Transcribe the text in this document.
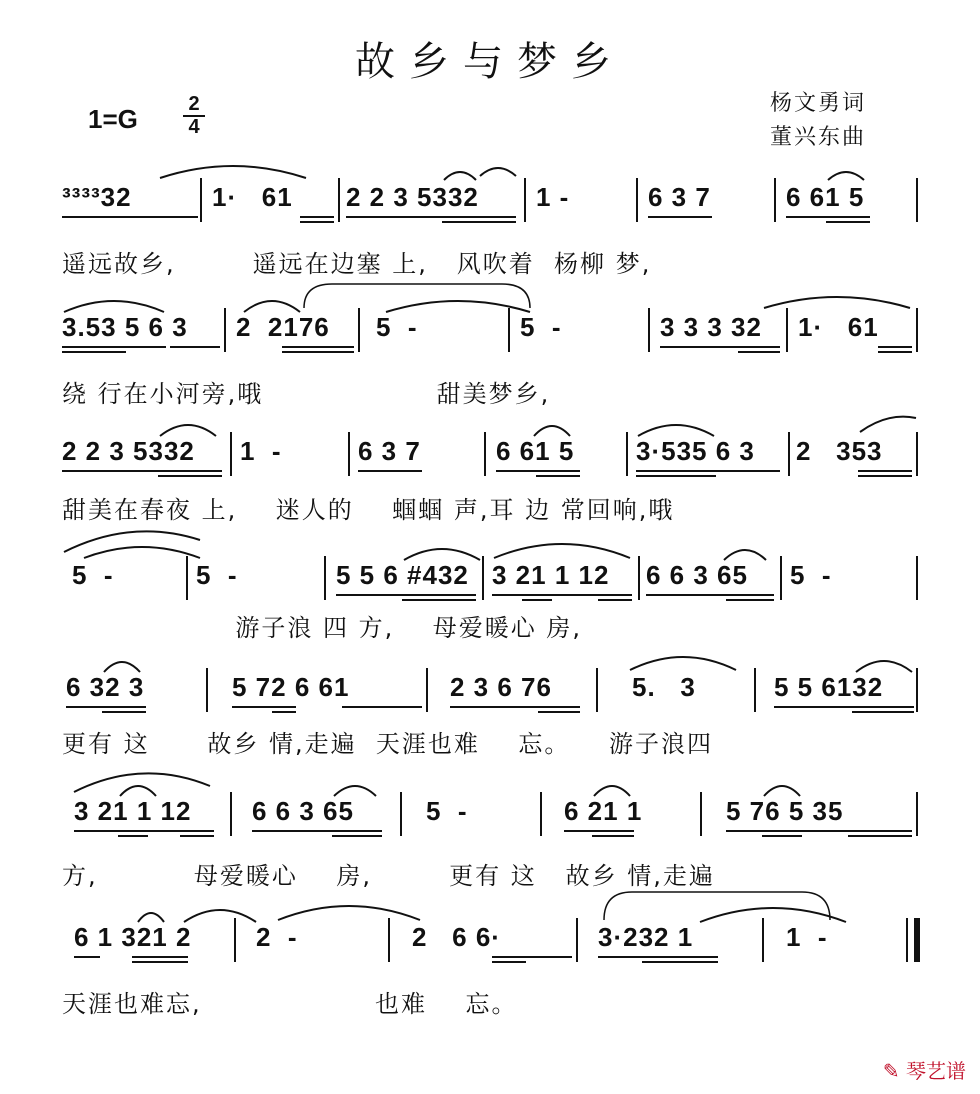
故乡与梦乡
1=G	2
4
杨文勇词
董兴东曲
³³³³32	1·   61 2 2 3 5332 1 -	6 3 7	6 61 5
遥远故乡,        遥远在边塞 上,   风吹着  杨柳 梦,
3.53 5 6 3 2  2176 5  -	5  -	3 3 3 32 1·   61
绕 行在小河旁,哦                  甜美梦乡,
2 2 3 5332 1  -	6 3 7	6 61 5 3·535 6 3 2   353
甜美在春夜 上,    迷人的    蝈蝈 声,耳 边 常回响,哦
5  -	5  -	5 5 6 #432 3 21 1 12 6 6 3 65 5  -
游子浪 四 方,    母爱暖心 房,
6 32 3	5 72 6 61	2 3 6 76	5.   3	5 5 6132
更有 这      故乡 情,走遍  天涯也难    忘。    游子浪四
3 21 1 12 6 6 3 65	5  -	6 21 1	5 76 5 35
方,          母爱暖心    房,        更有 这   故乡 情,走遍
6 1 321 2 2  -	2   6 6·	3·232 1	1  -
天涯也难忘,                  也难    忘。
✎ 琴艺谱
